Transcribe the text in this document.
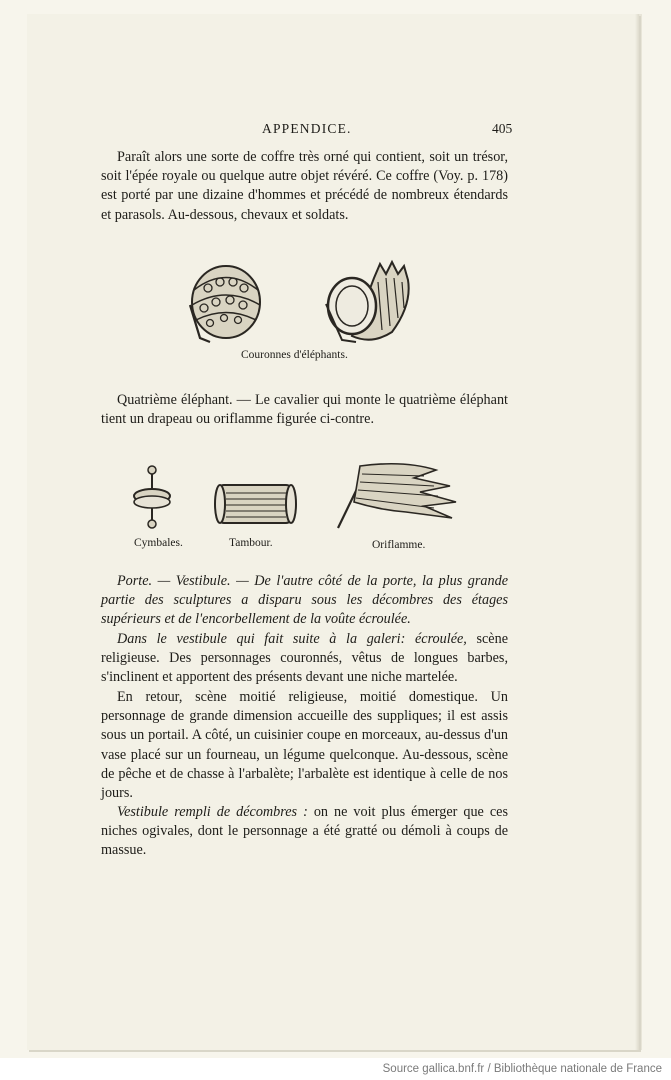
APPENDICE.	405

Paraît alors une sorte de coffre très orné qui contient, soit un trésor, soit l'épée royale ou quelque autre objet révéré. Ce coffre (Voy. p. 178) est porté par une dizaine d'hommes et précédé de nombreux étendards et parasols. Au-dessous, chevaux et soldats.

Couronnes d'éléphants.

Quatrième éléphant. — Le cavalier qui monte le quatrième éléphant tient un drapeau ou oriflamme figurée ci-contre.

Cymbales.	Tambour.	Oriflamme.

Porte. — Vestibule. — De l'autre côté de la porte, la plus grande partie des sculptures a disparu sous les décombres des étages supérieurs et de l'encorbellement de la voûte écroulée.

Dans le vestibule qui fait suite à la galeri: écroulée, scène religieuse. Des personnages couronnés, vêtus de longues barbes, s'inclinent et apportent des présents devant une niche martelée.

En retour, scène moitié religieuse, moitié domestique. Un personnage de grande dimension accueille des suppliques; il est assis sous un portail. A côté, un cuisinier coupe en morceaux, au-dessus d'un vase placé sur un fourneau, un légume quelconque. Au-dessous, scène de pêche et de chasse à l'arbalète; l'arbalète est identique à celle de nos jours.

Vestibule rempli de décombres : on ne voit plus émerger que ces niches ogivales, dont le personnage a été gratté ou démoli à coups de massue.

Source gallica.bnf.fr / Bibliothèque nationale de France
